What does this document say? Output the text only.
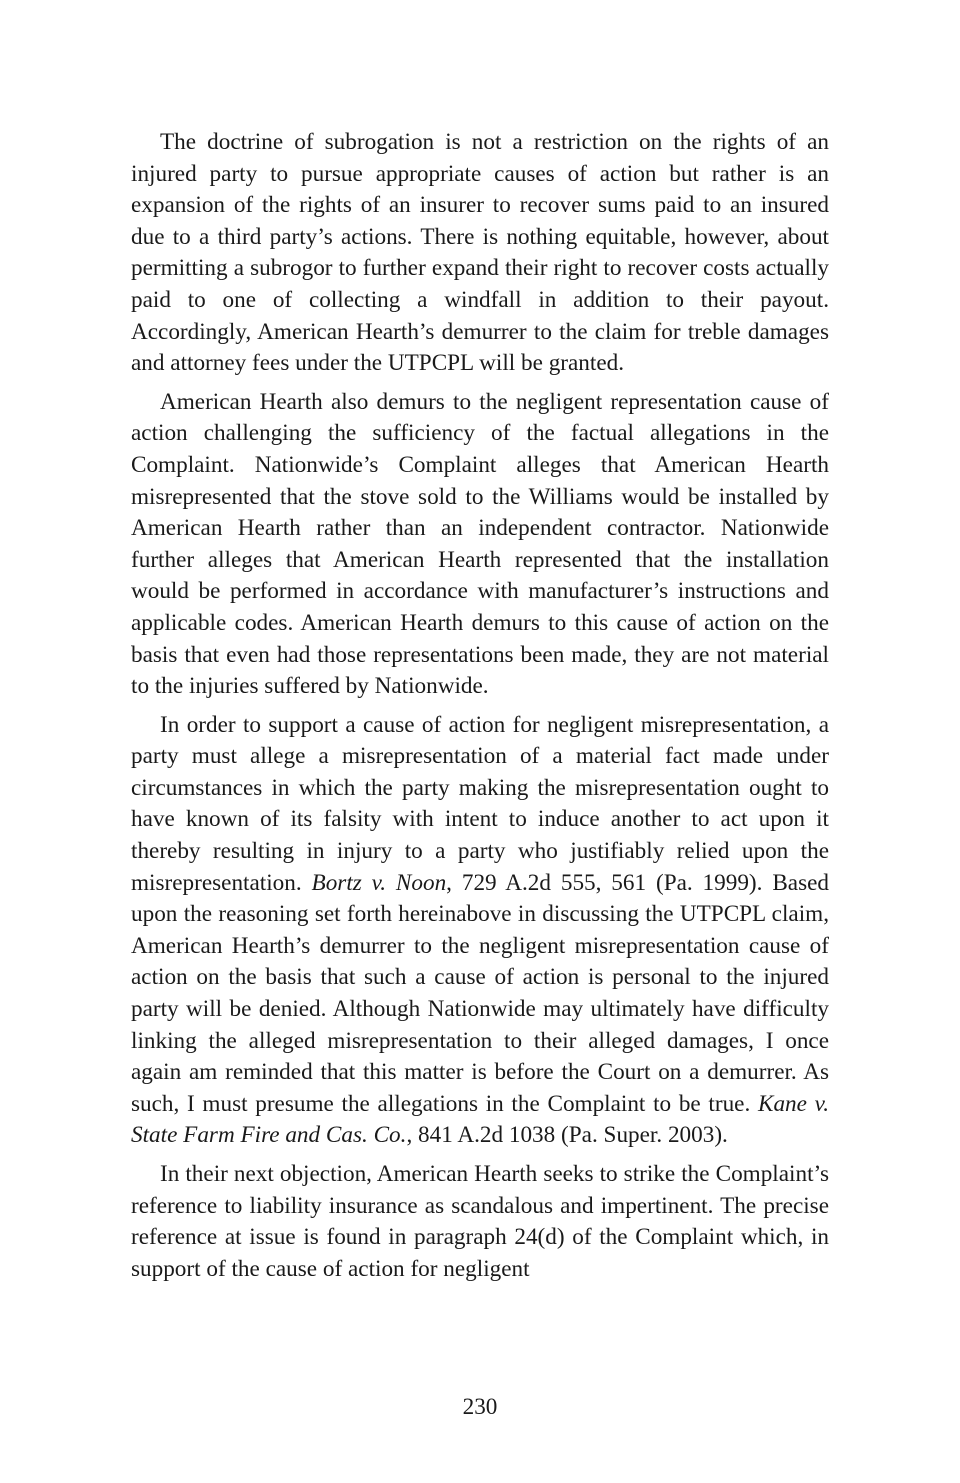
The doctrine of subrogation is not a restriction on the rights of an injured party to pursue appropriate causes of action but rather is an expansion of the rights of an insurer to recover sums paid to an insured due to a third party’s actions. There is nothing equitable, however, about permitting a subrogor to further expand their right to recover costs actually paid to one of collecting a windfall in addition to their payout. Accordingly, American Hearth’s demurrer to the claim for treble damages and attorney fees under the UTPCPL will be granted.

American Hearth also demurs to the negligent representation cause of action challenging the sufficiency of the factual allegations in the Complaint. Nationwide’s Complaint alleges that American Hearth misrepresented that the stove sold to the Williams would be installed by American Hearth rather than an independent contractor. Nationwide further alleges that American Hearth represented that the installation would be performed in accordance with manufacturer’s instructions and applicable codes. American Hearth demurs to this cause of action on the basis that even had those representations been made, they are not material to the injuries suffered by Nationwide.

In order to support a cause of action for negligent misrepresentation, a party must allege a misrepresentation of a material fact made under circumstances in which the party making the misrepresentation ought to have known of its falsity with intent to induce another to act upon it thereby resulting in injury to a party who justifiably relied upon the misrepresentation. Bortz v. Noon, 729 A.2d 555, 561 (Pa. 1999). Based upon the reasoning set forth hereinabove in discussing the UTPCPL claim, American Hearth’s demurrer to the negligent misrepresentation cause of action on the basis that such a cause of action is personal to the injured party will be denied. Although Nationwide may ultimately have difficulty linking the alleged misrepresentation to their alleged damages, I once again am reminded that this matter is before the Court on a demurrer. As such, I must presume the allegations in the Complaint to be true. Kane v. State Farm Fire and Cas. Co., 841 A.2d 1038 (Pa. Super. 2003).

In their next objection, American Hearth seeks to strike the Complaint’s reference to liability insurance as scandalous and impertinent. The precise reference at issue is found in paragraph 24(d) of the Complaint which, in support of the cause of action for negligent

230
